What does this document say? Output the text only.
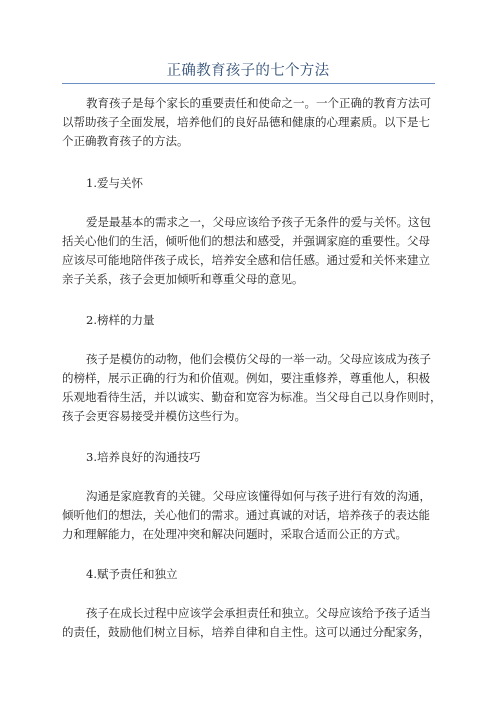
正确教育孩子的七个方法
教育孩子是每个家长的重要责任和使命之一。一个正确的教育方法可
以帮助孩子全面发展，培养他们的良好品德和健康的心理素质。以下是七
个正确教育孩子的方法。
1.爱与关怀
爱是最基本的需求之一，父母应该给予孩子无条件的爱与关怀。这包
括关心他们的生活，倾听他们的想法和感受，并强调家庭的重要性。父母
应该尽可能地陪伴孩子成长，培养安全感和信任感。通过爱和关怀来建立
亲子关系，孩子会更加倾听和尊重父母的意见。
2.榜样的力量
孩子是模仿的动物，他们会模仿父母的一举一动。父母应该成为孩子
的榜样，展示正确的行为和价值观。例如，要注重修养，尊重他人，积极
乐观地看待生活，并以诚实、勤奋和宽容为标准。当父母自己以身作则时，
孩子会更容易接受并模仿这些行为。
3.培养良好的沟通技巧
沟通是家庭教育的关键。父母应该懂得如何与孩子进行有效的沟通，
倾听他们的想法，关心他们的需求。通过真诚的对话，培养孩子的表达能
力和理解能力，在处理冲突和解决问题时，采取合适而公正的方式。
4.赋予责任和独立
孩子在成长过程中应该学会承担责任和独立。父母应该给予孩子适当
的责任，鼓励他们树立目标，培养自律和自主性。这可以通过分配家务，
